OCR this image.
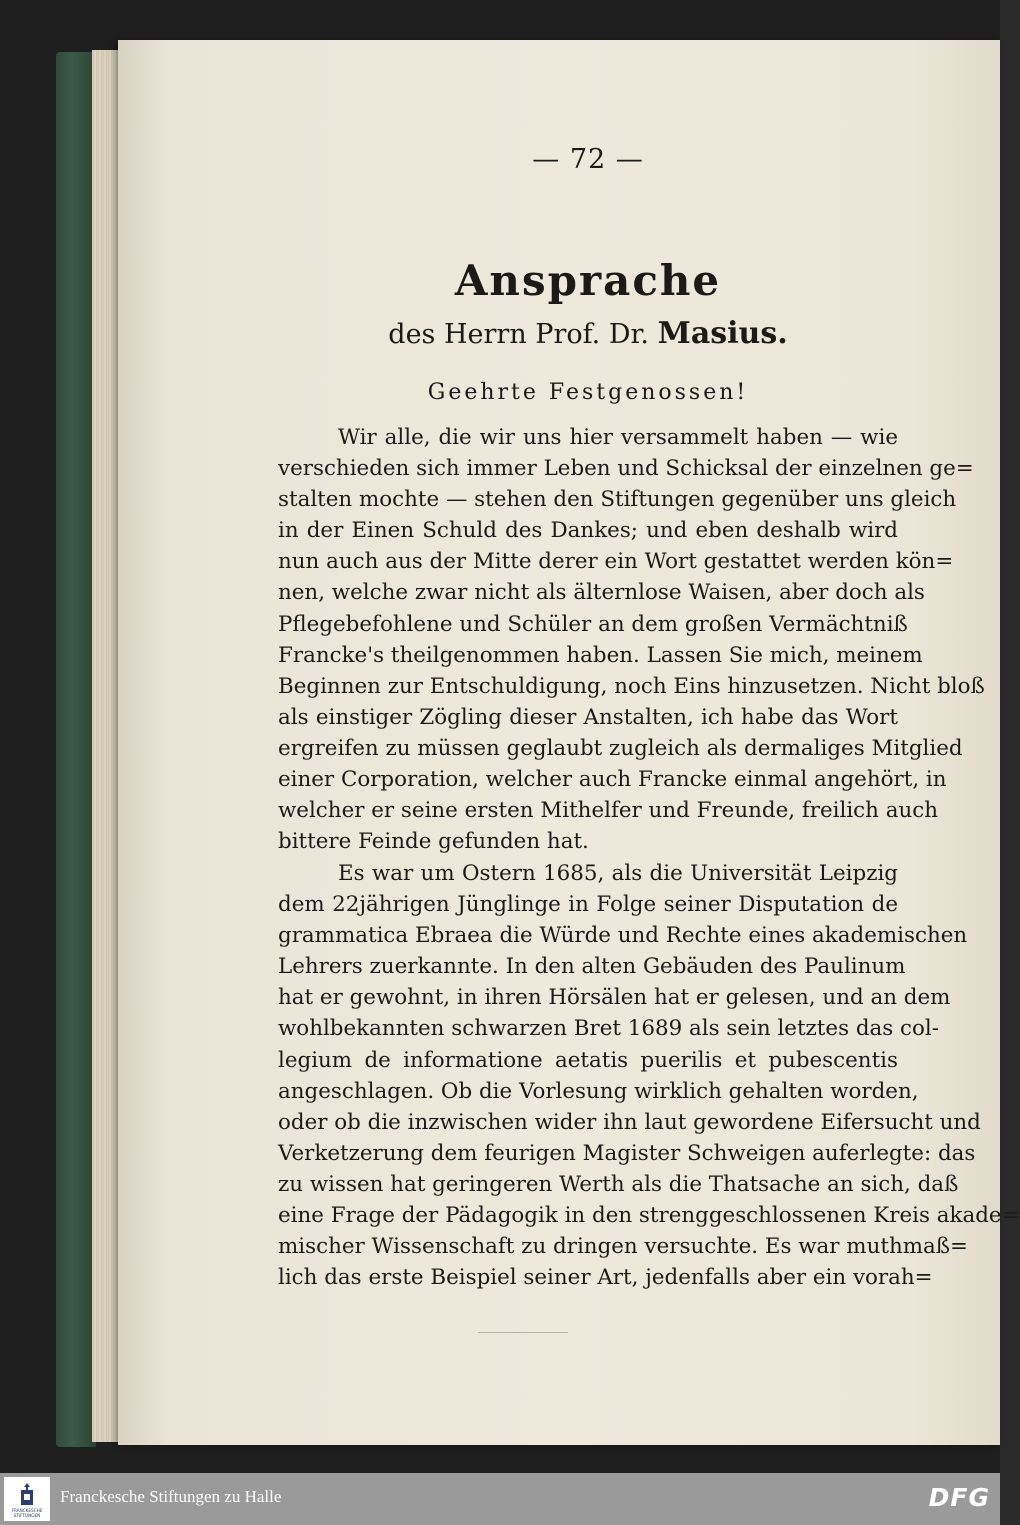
— 72 —
Ansprache
des Herrn Prof. Dr. Masius.
Geehrte Festgenossen!
Wir alle, die wir uns hier versammelt haben — wie
verschieden sich immer Leben und Schicksal der einzelnen ge=
stalten mochte — stehen den Stiftungen gegenüber uns gleich
in der Einen Schuld des Dankes; und eben deshalb wird
nun auch aus der Mitte derer ein Wort gestattet werden kön=
nen, welche zwar nicht als älternlose Waisen, aber doch als
Pflegebefohlene und Schüler an dem großen Vermächtniß
Francke's theilgenommen haben. Lassen Sie mich, meinem
Beginnen zur Entschuldigung, noch Eins hinzusetzen. Nicht bloß
als einstiger Zögling dieser Anstalten, ich habe das Wort
ergreifen zu müssen geglaubt zugleich als dermaliges Mitglied
einer Corporation, welcher auch Francke einmal angehört, in
welcher er seine ersten Mithelfer und Freunde, freilich auch
bittere Feinde gefunden hat.
Es war um Ostern 1685, als die Universität Leipzig
dem 22jährigen Jünglinge in Folge seiner Disputation de
grammatica Ebraea die Würde und Rechte eines akademischen
Lehrers zuerkannte. In den alten Gebäuden des Paulinum
hat er gewohnt, in ihren Hörsälen hat er gelesen, und an dem
wohlbekannten schwarzen Bret 1689 als sein letztes das col-
legium de informatione aetatis puerilis et pubescentis
angeschlagen. Ob die Vorlesung wirklich gehalten worden,
oder ob die inzwischen wider ihn laut gewordene Eifersucht und
Verketzerung dem feurigen Magister Schweigen auferlegte: das
zu wissen hat geringeren Werth als die Thatsache an sich, daß
eine Frage der Pädagogik in den strenggeschlossenen Kreis akade=
mischer Wissenschaft zu dringen versuchte. Es war muthmaß=
lich das erste Beispiel seiner Art, jedenfalls aber ein vorah=
FRANCKESCHE
STIFTUNGEN
Franckesche Stiftungen zu Halle	DFG
